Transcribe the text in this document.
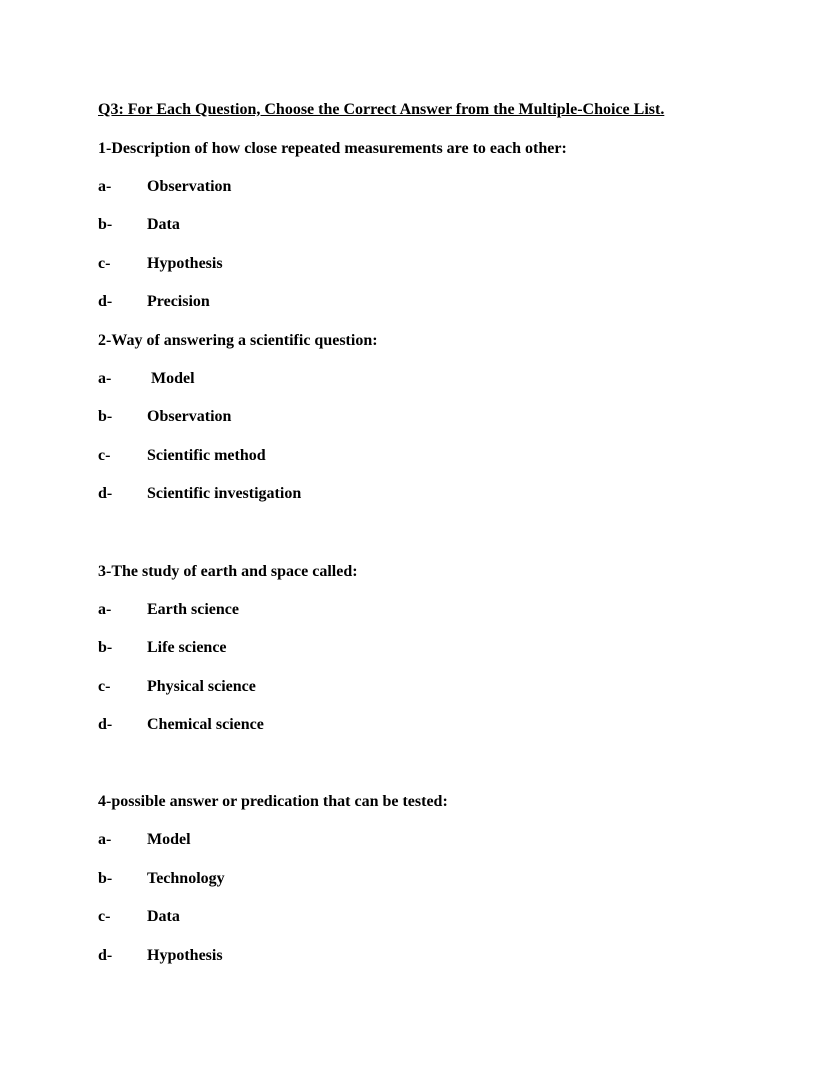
Q3: For Each Question, Choose the Correct Answer from the Multiple-Choice List.
1-Description of how close repeated measurements are to each other:
a- Observation
b- Data
c- Hypothesis
d- Precision
2-Way of answering a scientific question:
a- Model
b- Observation
c- Scientific method
d- Scientific investigation
3-The study of earth and space called:
a- Earth science
b- Life science
c- Physical science
d- Chemical science
4-possible answer or predication that can be tested:
a- Model
b- Technology
c- Data
d- Hypothesis
